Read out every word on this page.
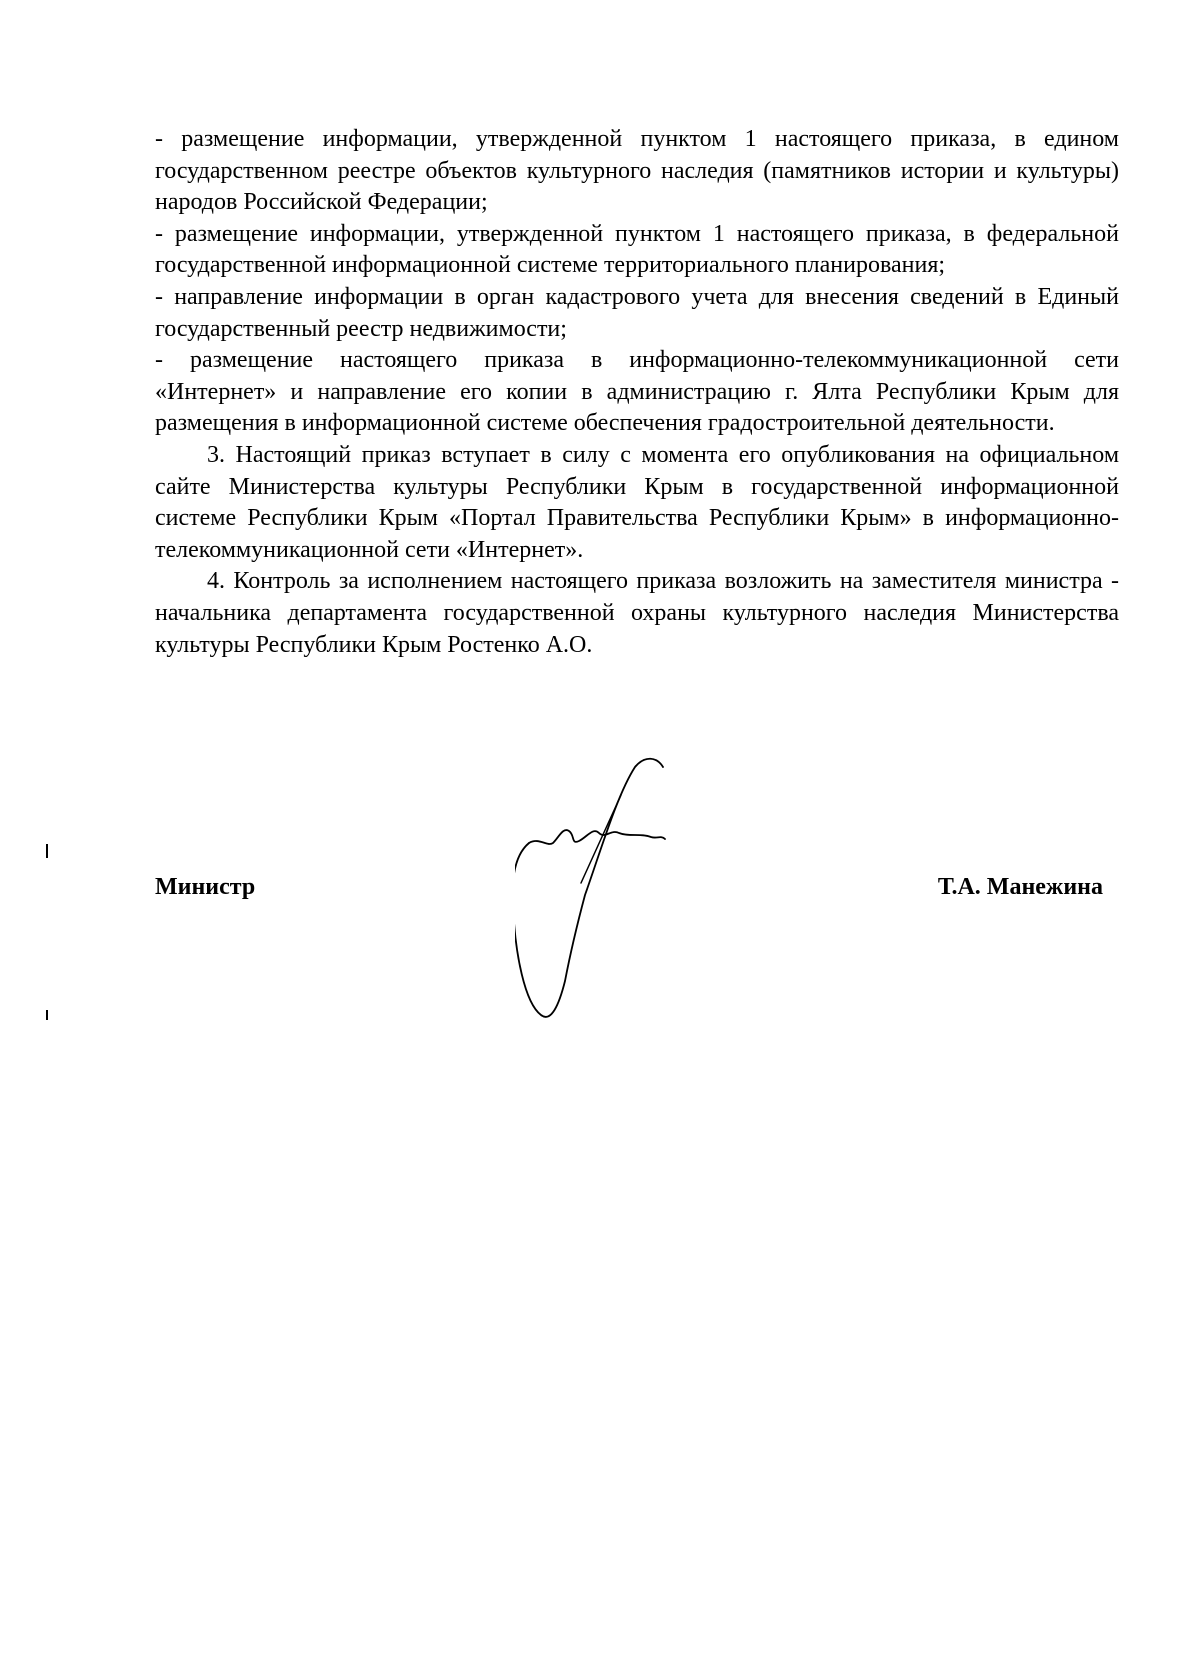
- размещение информации, утвержденной пунктом 1 настоящего приказа, в едином государственном реестре объектов культурного наследия (памятников истории и культуры) народов Российской Федерации;

- размещение информации, утвержденной пунктом 1 настоящего приказа, в федеральной государственной информационной системе территориального планирования;

- направление информации в орган кадастрового учета для внесения сведений в Единый государственный реестр недвижимости;

- размещение настоящего приказа в информационно-телекоммуникационной сети «Интернет» и направление его копии в администрацию г. Ялта Республики Крым для размещения в информационной системе обеспечения градостроительной деятельности.

3. Настоящий приказ вступает в силу с момента его опубликования на официальном сайте Министерства культуры Республики Крым в государственной информационной системе Республики Крым «Портал Правительства Республики Крым» в информационно-телекоммуникационной сети «Интернет».

4. Контроль за исполнением настоящего приказа возложить на заместителя министра - начальника департамента государственной охраны культурного наследия Министерства культуры Республики Крым Ростенко А.О.

Министр	Т.А. Манежина
